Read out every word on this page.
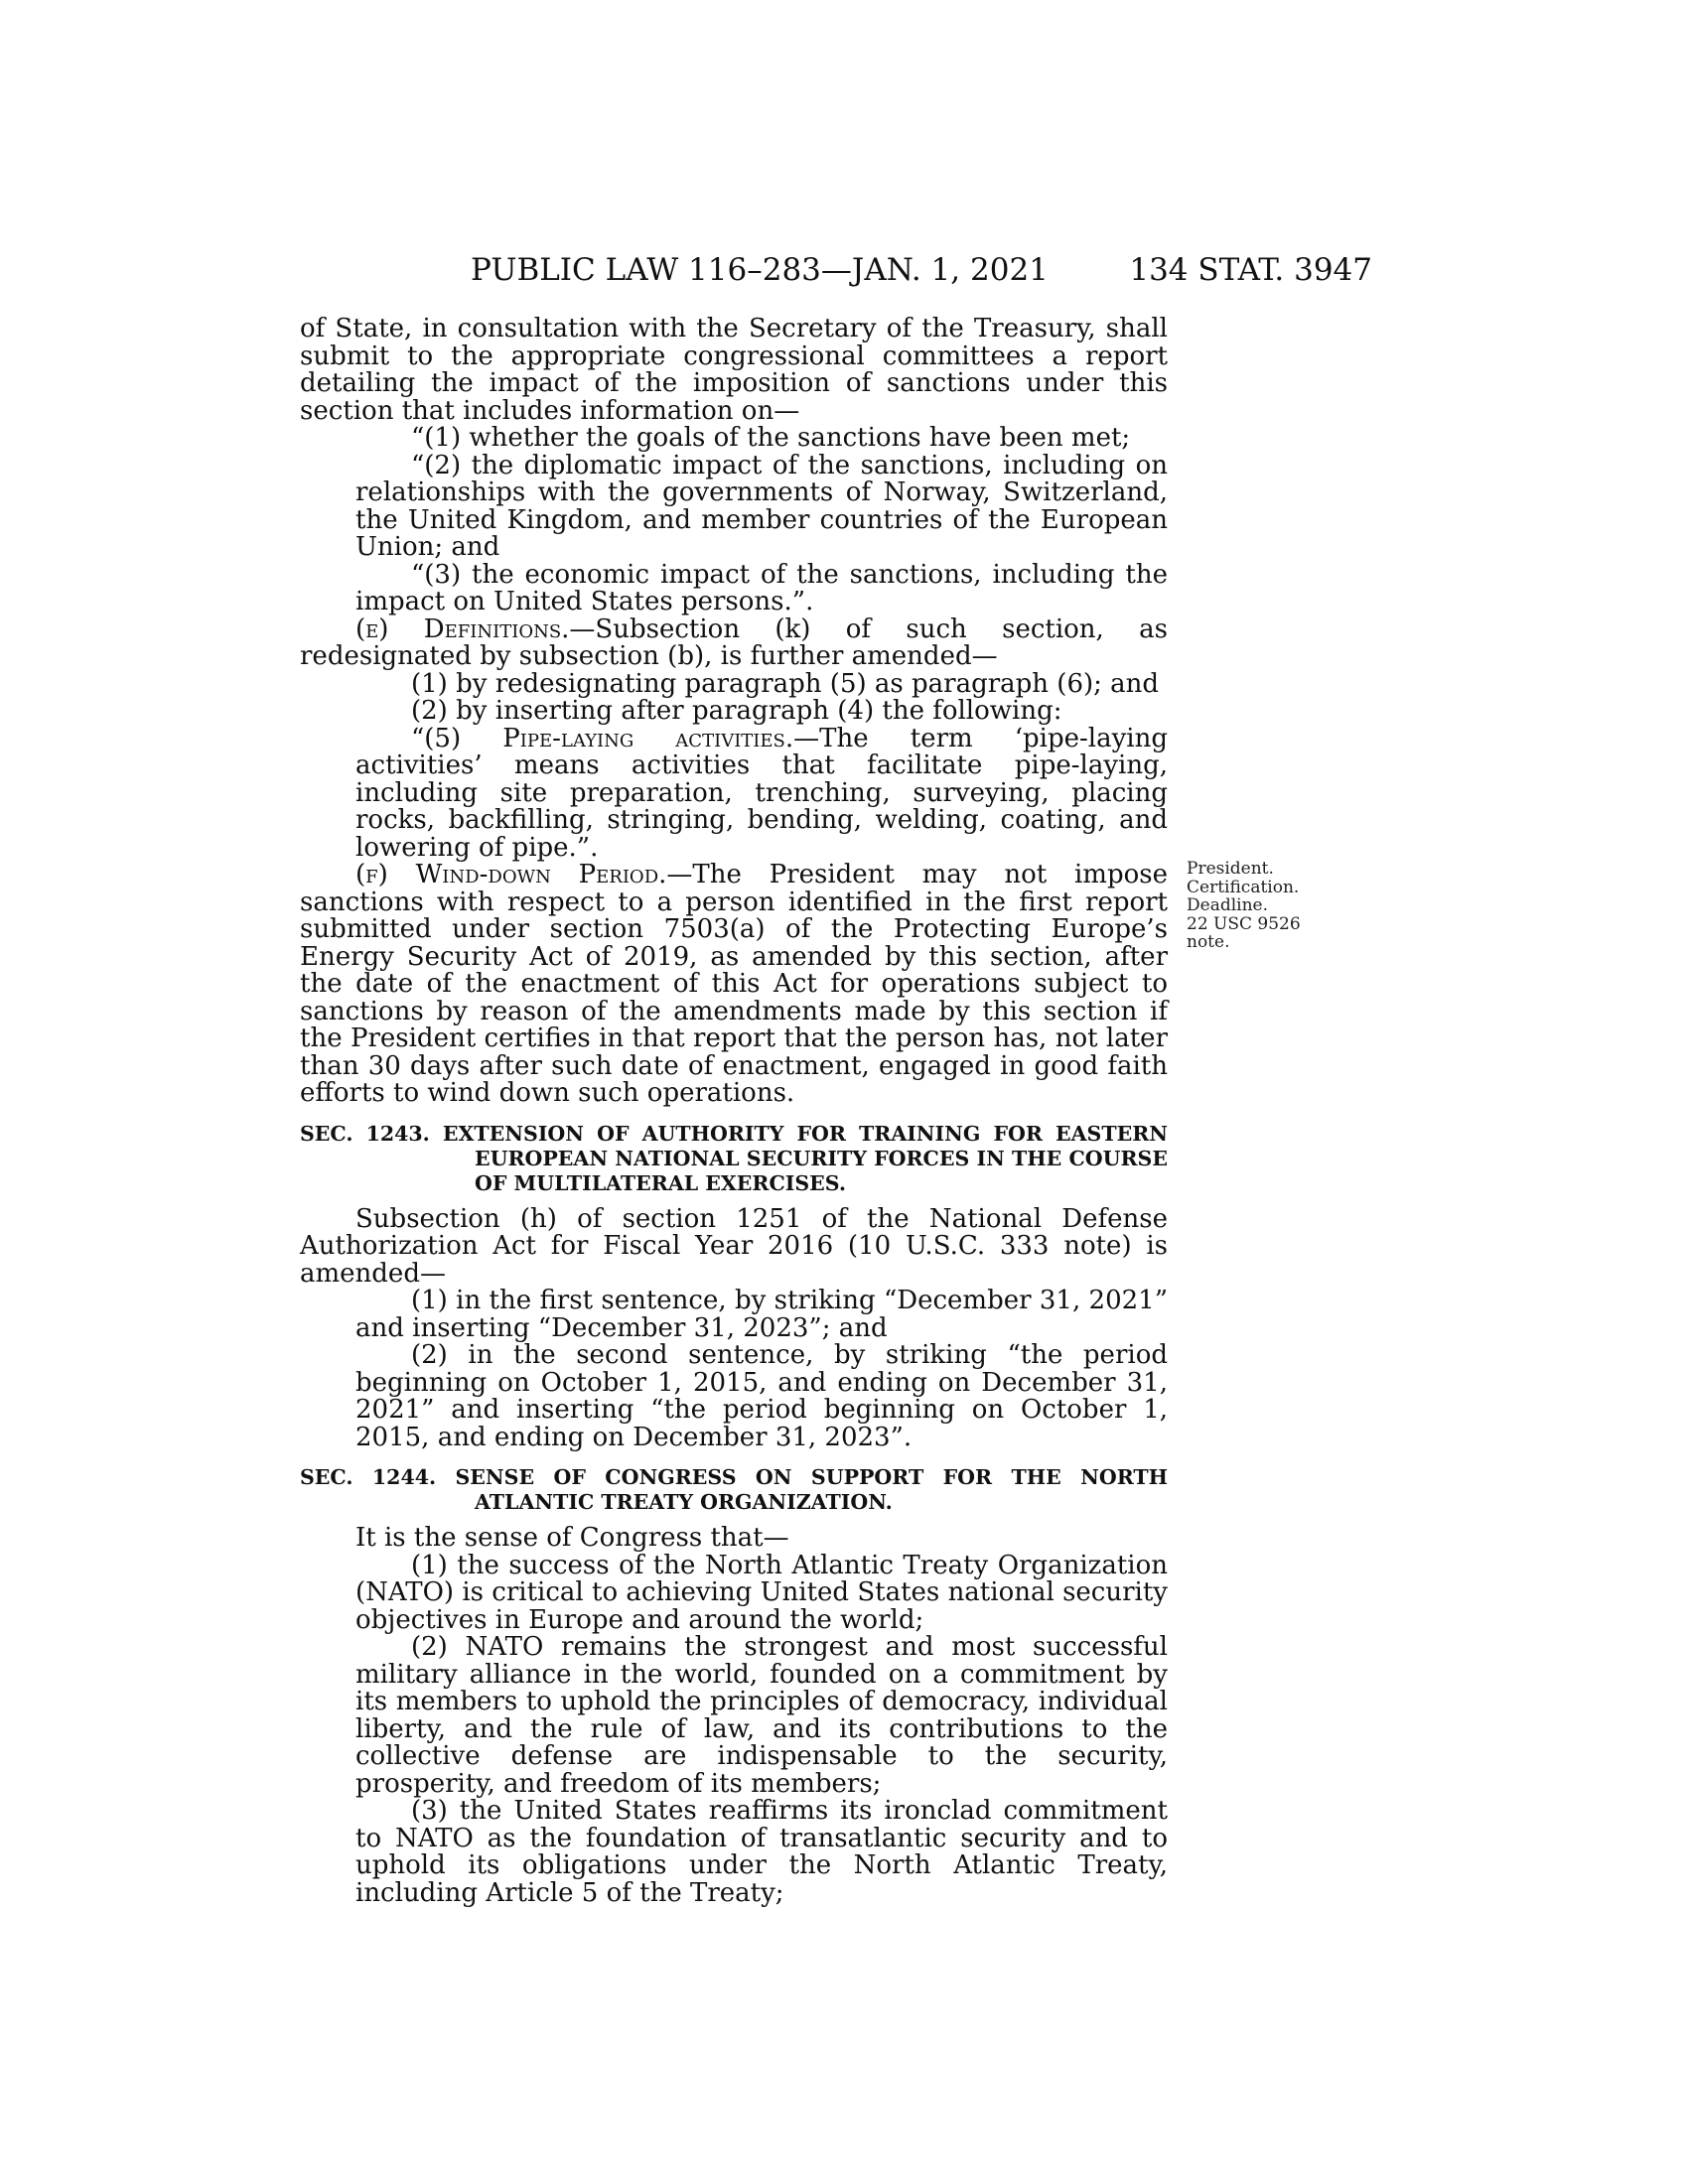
PUBLIC LAW 116–283—JAN. 1, 2021	134 STAT. 3947
President.
Certification.
Deadline.
22 USC 9526
note.

of State, in consultation with the Secretary of the Treasury, shall submit to the appropriate congressional committees a report detailing the impact of the imposition of sanctions under this section that includes information on—

“(1) whether the goals of the sanctions have been met;

“(2) the diplomatic impact of the sanctions, including on relationships with the governments of Norway, Switzerland, the United Kingdom, and member countries of the European Union; and

“(3) the economic impact of the sanctions, including the impact on United States persons.”.

(e) Definitions.—Subsection (k) of such section, as redesignated by subsection (b), is further amended—

(1) by redesignating paragraph (5) as paragraph (6); and

(2) by inserting after paragraph (4) the following:

“(5) Pipe-laying activities.—The term ‘pipe-laying activities’ means activities that facilitate pipe-laying, including site preparation, trenching, surveying, placing rocks, backfilling, stringing, bending, welding, coating, and lowering of pipe.”.

(f) Wind-down Period.—The President may not impose sanctions with respect to a person identified in the first report submitted under section 7503(a) of the Protecting Europe’s Energy Security Act of 2019, as amended by this section, after the date of the enactment of this Act for operations subject to sanctions by reason of the amendments made by this section if the President certifies in that report that the person has, not later than 30 days after such date of enactment, engaged in good faith efforts to wind down such operations.

SEC. 1243. EXTENSION OF AUTHORITY FOR TRAINING FOR EASTERN EUROPEAN NATIONAL SECURITY FORCES IN THE COURSE OF MULTILATERAL EXERCISES.

Subsection (h) of section 1251 of the National Defense Authorization Act for Fiscal Year 2016 (10 U.S.C. 333 note) is amended—

(1) in the first sentence, by striking “December 31, 2021” and inserting “December 31, 2023”; and

(2) in the second sentence, by striking “the period beginning on October 1, 2015, and ending on December 31, 2021” and inserting “the period beginning on October 1, 2015, and ending on December 31, 2023”.

SEC. 1244. SENSE OF CONGRESS ON SUPPORT FOR THE NORTH ATLANTIC TREATY ORGANIZATION.

It is the sense of Congress that—

(1) the success of the North Atlantic Treaty Organization (NATO) is critical to achieving United States national security objectives in Europe and around the world;

(2) NATO remains the strongest and most successful military alliance in the world, founded on a commitment by its members to uphold the principles of democracy, individual liberty, and the rule of law, and its contributions to the collective defense are indispensable to the security, prosperity, and freedom of its members;

(3) the United States reaffirms its ironclad commitment to NATO as the foundation of transatlantic security and to uphold its obligations under the North Atlantic Treaty, including Article 5 of the Treaty;
